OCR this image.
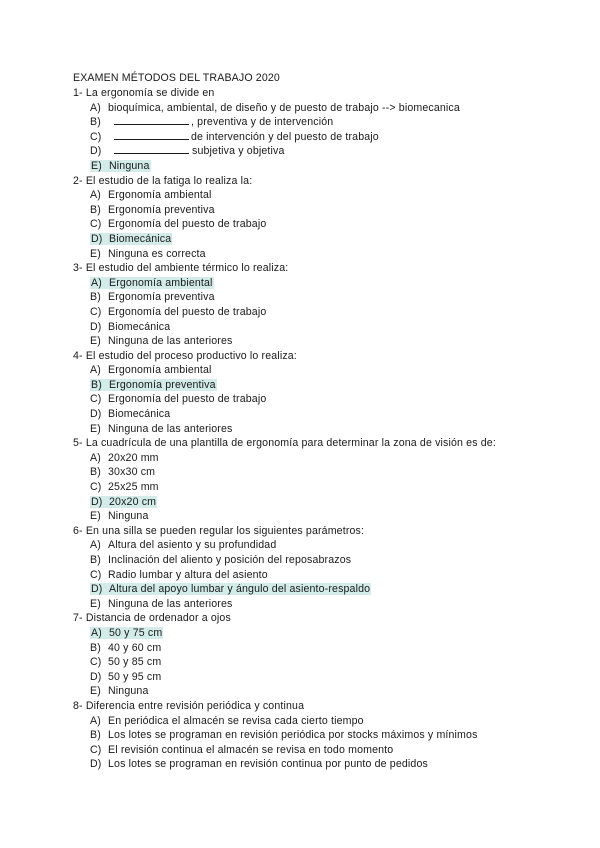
EXAMEN MÉTODOS DEL TRABAJO 2020
1- La ergonomía se divide en
A) bioquímica, ambiental, de diseño y de puesto de trabajo --> biomecanica
B)	, preventiva y de intervención
C)	de intervención y del puesto de trabajo
D)	subjetiva y objetiva
E) Ninguna
2- El estudio de la fatiga lo realiza la:
A) Ergonomía ambiental
B) Ergonomía preventiva
C) Ergonomía del puesto de trabajo
D) Biomecánica
E) Ninguna es correcta
3- El estudio del ambiente térmico lo realiza:
A) Ergonomía ambiental
B) Ergonomía preventiva
C) Ergonomía del puesto de trabajo
D) Biomecánica
E) Ninguna de las anteriores
4- El estudio del proceso productivo lo realiza:
A) Ergonomía ambiental
B) Ergonomía preventiva
C) Ergonomía del puesto de trabajo
D) Biomecánica
E) Ninguna de las anteriores
5- La cuadrícula de una plantilla de ergonomía para determinar la zona de visión es de:
A) 20x20 mm
B) 30x30 cm
C) 25x25 mm
D) 20x20 cm
E) Ninguna
6- En una silla se pueden regular los siguientes parámetros:
A) Altura del asiento y su profundidad
B) Inclinación del aliento y posición del reposabrazos
C) Radio lumbar y altura del asiento
D) Altura del apoyo lumbar y ángulo del asiento-respaldo
E) Ninguna de las anteriores
7- Distancia de ordenador a ojos
A) 50 y 75 cm
B) 40 y 60 cm
C) 50 y 85 cm
D) 50 y 95 cm
E) Ninguna
8- Diferencia entre revisión periódica y continua
A) En periódica el almacén se revisa cada cierto tiempo
B) Los lotes se programan en revisión periódica por stocks máximos y mínimos
C) El revisión continua el almacén se revisa en todo momento
D) Los lotes se programan en revisión continua por punto de pedidos
